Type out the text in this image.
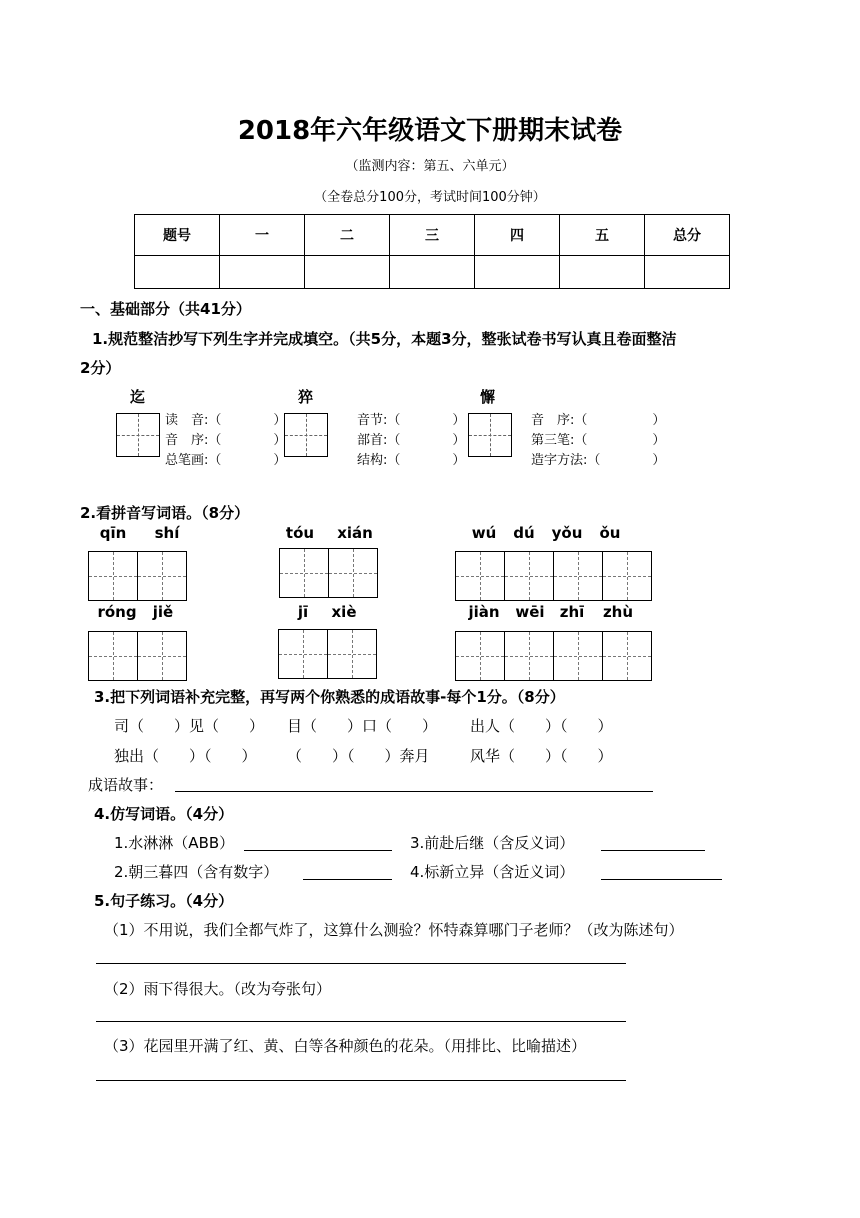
2018年六年级语文下册期末试卷
（监测内容：第五、六单元）
（全卷总分100分，考试时间100分钟）
题号	一	二	三	四	五	总分

一、基础部分（共41分）
1.规范整洁抄写下列生字并完成填空。（共5分，本题3分，整张试卷书写认真且卷面整洁
2分）
迄
读　音:（　　　　）
音　序:（　　　　）
总笔画:（　　　　）
猝
音节:（　　　　）
部首:（　　　　）
结构:（　　　　）
懈
音　序:（　　　　　）
第三笔:（　　　　　）
造字方法:（　　　　）
2.看拼音写词语。（8分）
qīn	shí	tóu	xián	wú	dú	yǒu	ǒu
róng	jiě	jī	xiè	jiàn	wēi	zhī	zhù
3.把下列词语补充完整，再写两个你熟悉的成语故事-每个1分。（8分）
司（　　）见（　　） 目（　　）口（　　） 出人（　　）（　　）
独出（　　）（　　） （　　）（　　）奔月	风华（　　）（　　）
成语故事：
4.仿写词语。（4分）
1.水淋淋（ABB）	3.前赴后继（含反义词）
2.朝三暮四（含有数字）	4.标新立异（含近义词）
5.句子练习。（4分）
（1）不用说，我们全都气炸了，这算什么测验？怀特森算哪门子老师？（改为陈述句）
（2）雨下得很大。（改为夸张句）
（3）花园里开满了红、黄、白等各种颜色的花朵。（用排比、比喻描述）
